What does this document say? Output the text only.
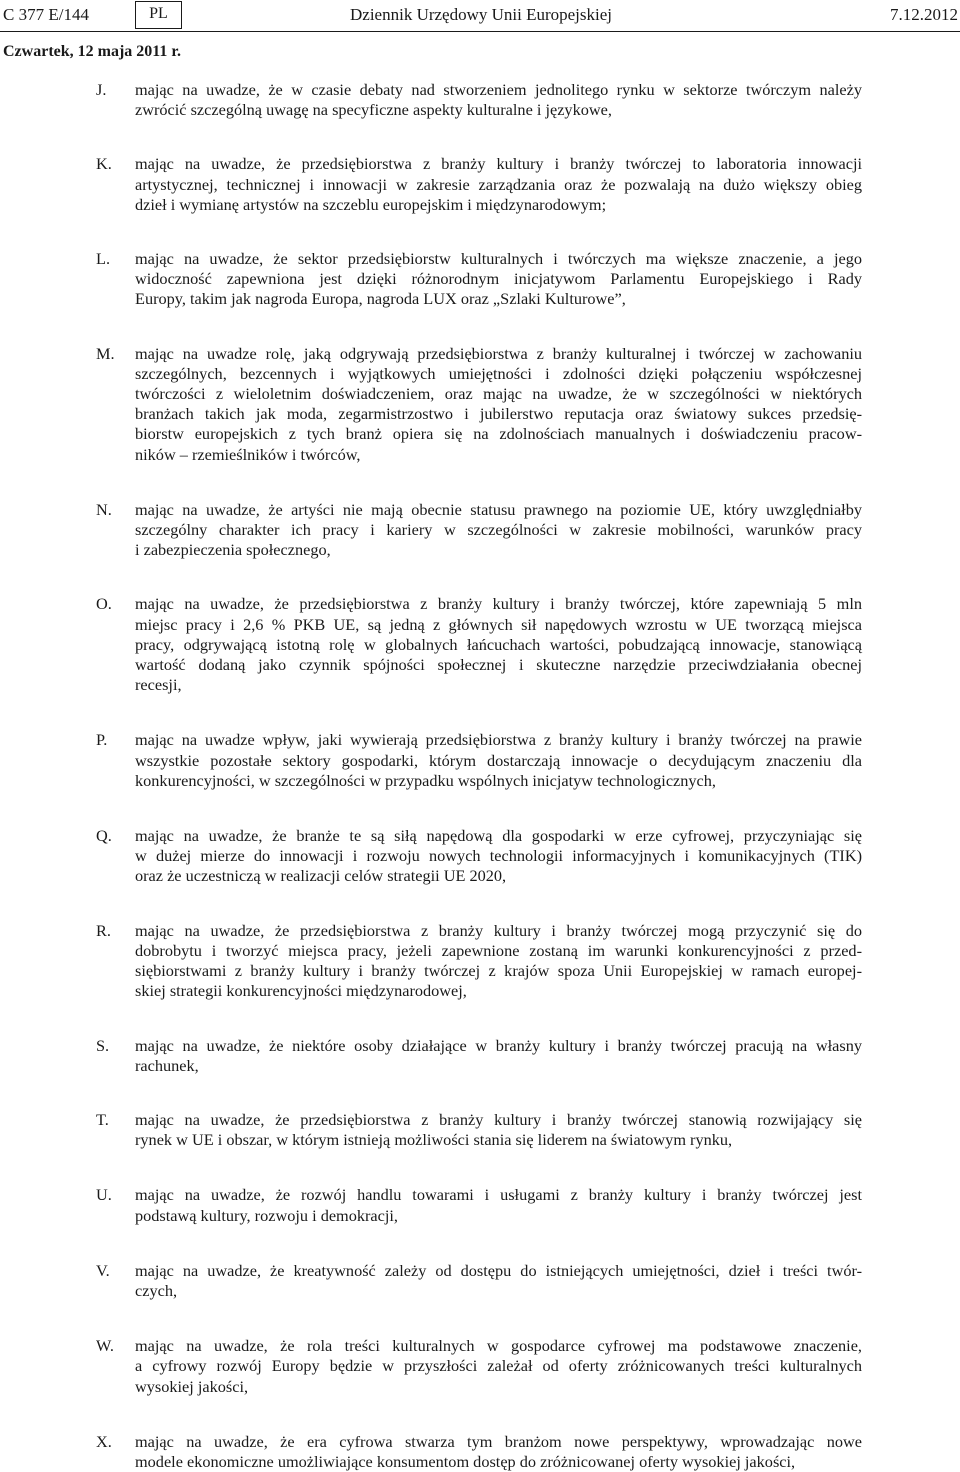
C 377 E/144	PL	Dziennik Urzędowy Unii Europejskiej	7.12.2012
Czwartek, 12 maja 2011 r.
J. mając na uwadze, że w czasie debaty nad stworzeniem jednolitego rynku w sektorze twórczym należy
zwrócić szczególną uwagę na specyficzne aspekty kulturalne i językowe,
K. mając na uwadze, że przedsiębiorstwa z branży kultury i branży twórczej to laboratoria innowacji
artystycznej, technicznej i innowacji w zakresie zarządzania oraz że pozwalają na dużo większy obieg
dzieł i wymianę artystów na szczeblu europejskim i międzynarodowym;
L. mając na uwadze, że sektor przedsiębiorstw kulturalnych i twórczych ma większe znaczenie, a jego
widoczność zapewniona jest dzięki różnorodnym inicjatywom Parlamentu Europejskiego i Rady
Europy, takim jak nagroda Europa, nagroda LUX oraz „Szlaki Kulturowe”,
M. mając na uwadze rolę, jaką odgrywają przedsiębiorstwa z branży kulturalnej i twórczej w zachowaniu
szczególnych, bezcennych i wyjątkowych umiejętności i zdolności dzięki połączeniu współczesnej
twórczości z wieloletnim doświadczeniem, oraz mając na uwadze, że w szczególności w niektórych
branżach takich jak moda, zegarmistrzostwo i jubilerstwo reputacja oraz światowy sukces przedsię-
biorstw europejskich z tych branż opiera się na zdolnościach manualnych i doświadczeniu pracow-
ników – rzemieślników i twórców,
N. mając na uwadze, że artyści nie mają obecnie statusu prawnego na poziomie UE, który uwzględniałby
szczególny charakter ich pracy i kariery w szczególności w zakresie mobilności, warunków pracy
i zabezpieczenia społecznego,
O. mając na uwadze, że przedsiębiorstwa z branży kultury i branży twórczej, które zapewniają 5 mln
miejsc pracy i 2,6 % PKB UE, są jedną z głównych sił napędowych wzrostu w UE tworzącą miejsca
pracy, odgrywającą istotną rolę w globalnych łańcuchach wartości, pobudzającą innowacje, stanowiącą
wartość dodaną jako czynnik spójności społecznej i skuteczne narzędzie przeciwdziałania obecnej
recesji,
P. mając na uwadze wpływ, jaki wywierają przedsiębiorstwa z branży kultury i branży twórczej na prawie
wszystkie pozostałe sektory gospodarki, którym dostarczają innowacje o decydującym znaczeniu dla
konkurencyjności, w szczególności w przypadku wspólnych inicjatyw technologicznych,
Q. mając na uwadze, że branże te są siłą napędową dla gospodarki w erze cyfrowej, przyczyniając się
w dużej mierze do innowacji i rozwoju nowych technologii informacyjnych i komunikacyjnych (TIK)
oraz że uczestniczą w realizacji celów strategii UE 2020,
R. mając na uwadze, że przedsiębiorstwa z branży kultury i branży twórczej mogą przyczynić się do
dobrobytu i tworzyć miejsca pracy, jeżeli zapewnione zostaną im warunki konkurencyjności z przed-
siębiorstwami z branży kultury i branży twórczej z krajów spoza Unii Europejskiej w ramach europej-
skiej strategii konkurencyjności międzynarodowej,
S. mając na uwadze, że niektóre osoby działające w branży kultury i branży twórczej pracują na własny
rachunek,
T. mając na uwadze, że przedsiębiorstwa z branży kultury i branży twórczej stanowią rozwijający się
rynek w UE i obszar, w którym istnieją możliwości stania się liderem na światowym rynku,
U. mając na uwadze, że rozwój handlu towarami i usługami z branży kultury i branży twórczej jest
podstawą kultury, rozwoju i demokracji,
V. mając na uwadze, że kreatywność zależy od dostępu do istniejących umiejętności, dzieł i treści twór-
czych,
W. mając na uwadze, że rola treści kulturalnych w gospodarce cyfrowej ma podstawowe znaczenie,
a cyfrowy rozwój Europy będzie w przyszłości zależał od oferty zróżnicowanych treści kulturalnych
wysokiej jakości,
X. mając na uwadze, że era cyfrowa stwarza tym branżom nowe perspektywy, wprowadzając nowe
modele ekonomiczne umożliwiające konsumentom dostęp do zróżnicowanej oferty wysokiej jakości,
